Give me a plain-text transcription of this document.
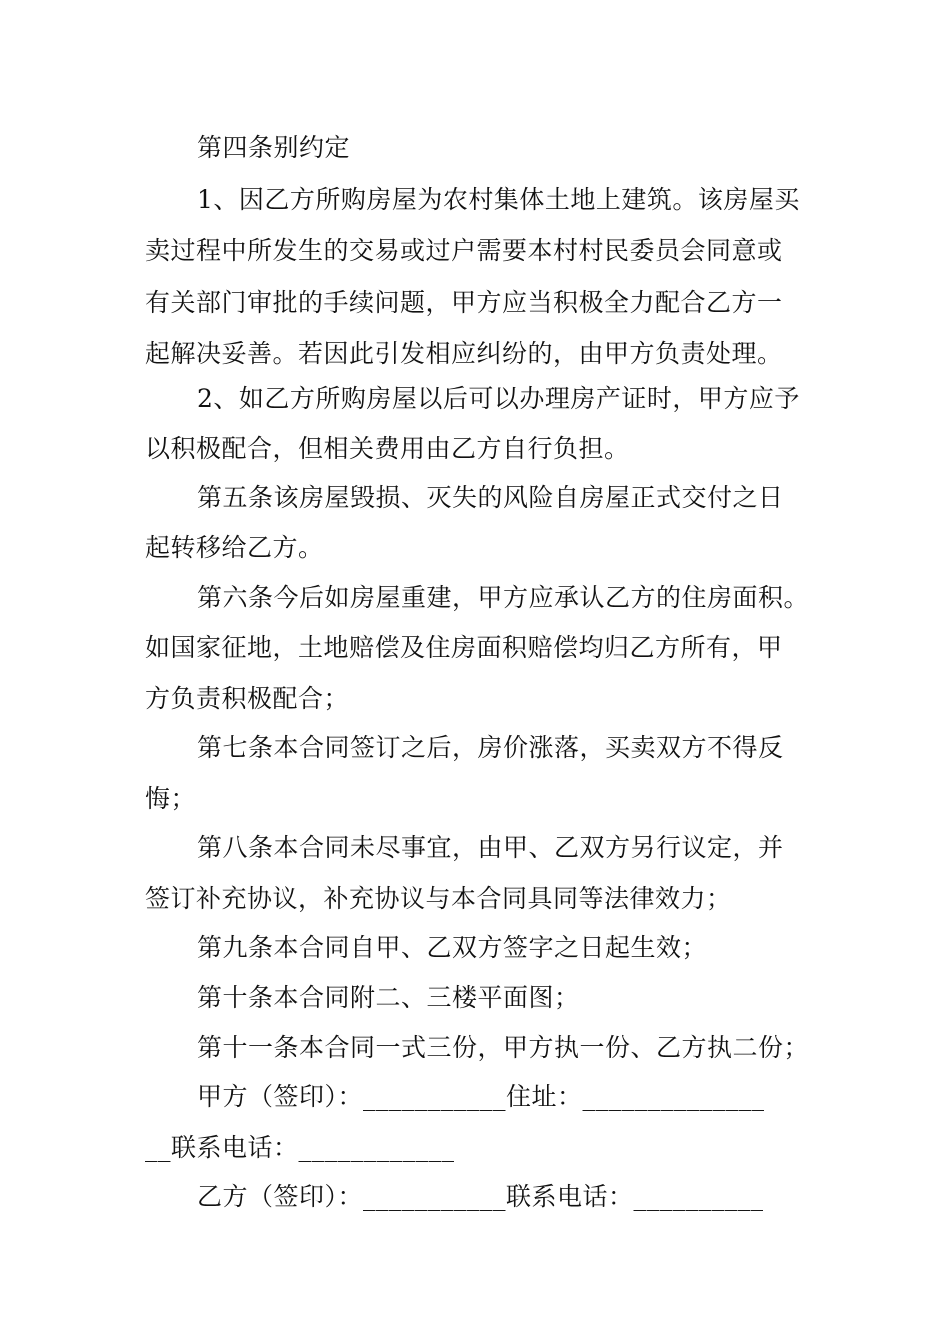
第四条别约定
1、因乙方所购房屋为农村集体土地上建筑。该房屋买
卖过程中所发生的交易或过户需要本村村民委员会同意或
有关部门审批的手续问题，甲方应当积极全力配合乙方一
起解决妥善。若因此引发相应纠纷的，由甲方负责处理。
2、如乙方所购房屋以后可以办理房产证时，甲方应予
以积极配合，但相关费用由乙方自行负担。
第五条该房屋毁损、灭失的风险自房屋正式交付之日
起转移给乙方。
第六条今后如房屋重建，甲方应承认乙方的住房面积。
如国家征地，土地赔偿及住房面积赔偿均归乙方所有，甲
方负责积极配合；
第七条本合同签订之后，房价涨落，买卖双方不得反
悔；
第八条本合同未尽事宜，由甲、乙双方另行议定，并
签订补充协议，补充协议与本合同具同等法律效力；
第九条本合同自甲、乙双方签字之日起生效；
第十条本合同附二、三楼平面图；
第十一条本合同一式三份，甲方执一份、乙方执二份；
甲方（签印）：___________住址：______________
__联系电话：____________
乙方（签印）：___________联系电话：__________
